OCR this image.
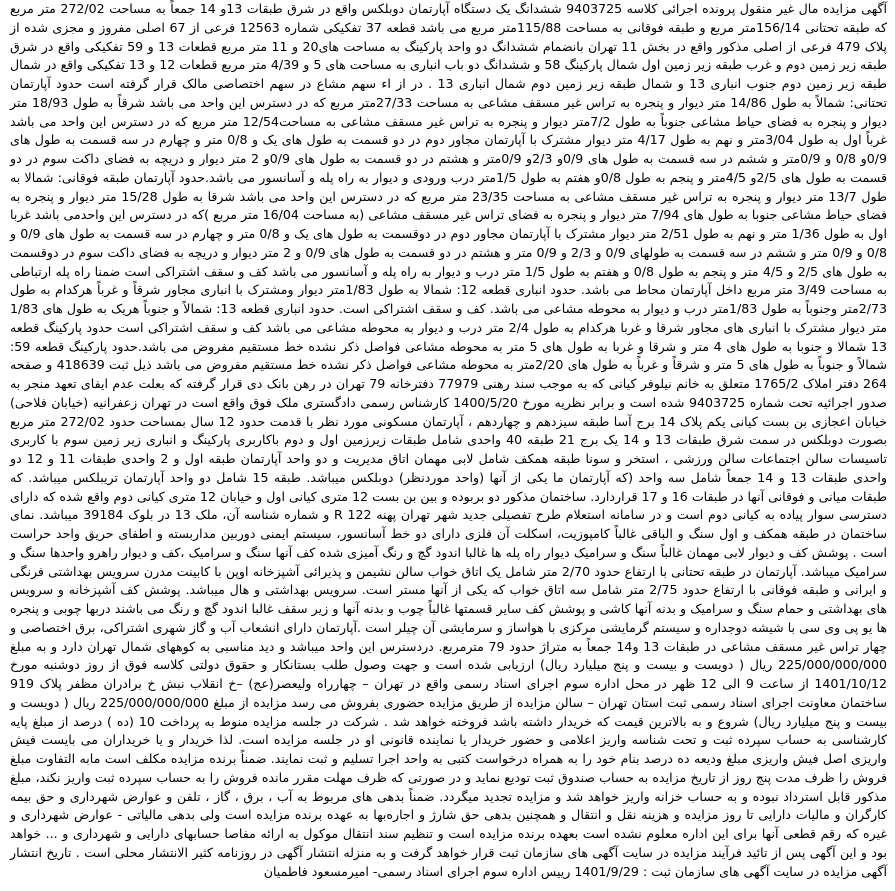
آگهی مزایده مال غیر منقول پرونده اجرائی کلاسه 9403725 ششدانگ یک دستگاه آپارتمان دوبلکس واقع در شرق طبقات 13و 14 جمعاً به مساحت 272/02 متر مربع که طبقه تحتانی 156/14متر مربع و طبقه فوقانی به مساحت 115/88متر مربع می باشد قطعه 37 تفکیکی شماره 12563 فرعی از 67 اصلی مفروز و مجزی شده از پلاک 479 فرعی از اصلی مذکور واقع در بخش 11 تهران بانضمام ششدانگ دو واحد پارکینگ به مساحت های20 و 11 متر مربع قطعات 13 و 59 تفکیکی واقع در شرق طبقه زیر زمین دوم و غرب طبقه زیر زمین اول شمال پارکینگ 58 و ششدانگ دو باب انباری به مساحت های 5 و 4/39 متر مربع قطعات 12 و 13 تفکیکی واقع در شمال طبقه زیر زمین دوم جنوب انباری 13 و شمال طبقه زیر زمین دوم شمال انباری 13 . در از اء سهم مشاع در سهم اختصاصی مالک قرار گرفته است حدود آپارتمان تحتانی: شمالاً به طول 14/86 متر دیوار و پنجره به تراس غیر مسقف مشاعی به مساحت 27/33متر مربع که در دسترس این واحد می باشد شرقاً به طول 18/93 متر دیوار و پنجره به فضای حیاط مشاعی جنوباً به طول 7/2متر دیوار و پنجره به تراس غیر مسقف مشاعی به مساحت12/54 متر مربع که در دسترس این واحد می باشد غرباً اول به طول 3/04متر و نهم به طول 4/17 متر دیوار مشترک با آپارتمان مجاور دوم در دو قسمت به طول های یک و 0/8 متر و چهارم در سه قسمت به طول های 0/9و 0/8 و 0/9متر و ششم در سه قسمت به طول های 0/9و 2/3و 0/9متر و هشتم در دو قسمت به طول های 0/9و 2 متر دیوار و دریچه به فضای داکت سوم در دو قسمت به طول های 2/5و 4/5متر و پنجم به طول 0/8و هفتم به طول 1/5متر درب ورودی و دیوار به راه پله و آسانسور می باشد.حدود آپارتمان طبقه فوقانی: شمالا به طول 13/7 متر دیوار و پنجره به تراس غیر مسقف مشاعی به مساحت 23/35 متر مربع که در دسترس این واحد می باشد شرقا به طول 15/28 متر دیوار و پنجره به فضای حیاط مشاعی جنوبا به طول های 7/94 متر دیوار و پنجره به فضای تراس غیر مسقف مشاعی (به مساحت 16/04 متر مربع )که در دسترس این واحدمی باشد غربا اول به طول 1/36 متر و نهم به طول 2/51 متر دیوار مشترک با آپارتمان مجاور دوم در دوقسمت به طول های یک و 0/8 متر و چهارم در سه قسمت به طول های 0/9 و 0/8 و 0/9 متر و ششم در سه قسمت به طولهای 0/9 و 2/3 و 0/9 متر و هشتم در دو قسمت به طول های 0/9 و 2 متر دیوار و دریچه به فضای داکت سوم در دوقسمت به طول های 2/5 و 4/5 متر و پنجم به طول 0/8 و هفتم به طول 1/5 متر درب و دیوار به راه پله و آسانسور می باشد کف و سقف اشتراکی است ضمنا راه پله ارتباطی به مساحت 3/49 متر مربع داخل آپارتمان محاط می باشد. حدود انباری قطعه 12: شمالا به طول 1/83متر دیوار ومشترک با انباری مجاور شرقاً و غرباً هرکدام به طول 2/73متر وجنوباً به طول 1/83متر درب و دیوار به محوطه مشاعی می باشد. کف و سقف اشتراکی است. حدود انباری قطعه 13: شمالاً و جنوباً هریک به طول های 1/83 متر دیوار مشترک با انباری های مجاور شرقا و غربا هرکدام به طول 2/4 متر درب و دیوار به محوطه مشاعی می باشد کف و سقف اشتراکی است حدود پارکینگ قطعه 13 شمالا و جنوبا به طول های 4 متر و شرقا و غربا به طول های 5 متر به محوطه مشاعی فواصل ذکر نشده خط مستقیم مفروض می باشد.حدود پارکینگ قطعه 59: شمالاً و جنوباً به طول های 5 متر و شرقاً و غرباً به طول های 2/20متر به محوطه مشاعی فواصل ذکر نشده خط مستقیم مفروض می باشد ذیل ثبت 418639 و صفحه 264 دفتر املاک 1765/2 متعلق به خانم نیلوفر کیانی که به موجب سند رهنی 77979 دفترخانه 79 تهران در رهن بانک دی قرار گرفته که بعلت عدم ایفای تعهد منجر به صدور اجرائیه تحت شماره 9403725 شده است و برابر نظریه مورخ 1400/5/20 کارشناس رسمی دادگستری ملک فوق واقع است در تهران زعفرانیه (خیابان فلاحی) خیابان اعجازی بن بست کیانی یکم پلاک 14 برج آسا طبقه سیزدهم و چهاردهم ، آپارتمان مسکونی مورد نظر با قدمت حدود 12 سال بمساحت حدود 272/02 متر مربع بصورت دوبلکس در سمت شرق طبقات 13 و 14 یک برج 21 طبقه 40 واحدی شامل طبقات زیرزمین اول و دوم باکاربری پارکینگ و انباری زیر زمین سوم با کاربری تاسیسات سالن اجتماعات سالن ورزشی ، استخر و سونا طبقه همکف شامل لابی مهمان اتاق مدیریت و دو واحد آپارتمان طبقه اول و 2 واحدی طبقات 11 و 12 دو واحدی طبقات 13 و 14 جمعاً شامل سه واحد (که آپارتمان ما یکی از آنها (واحد موردنظر) دوبلکس میباشد. طبقه 15 شامل دو واحد آپارتمان تریبلکس میباشد. که طبقات میانی و فوقانی آنها در طبقات 16 و 17 قراردارد. ساختمان مذکور دو بربوده و بین بن بست 12 متری کیانی اول و خیابان 12 متری کیانی دوم واقع شده که دارای دسترسی سوار پیاده به کیانی دوم است و در سامانه استعلام طرح تفصیلی جدید شهر تهران پهنه 122 R و شماره شناسه آن، ملک 13 در بلوک 39184 میباشد. نمای ساختمان در طبقه همکف و اول سنگ و الباقی غالباً کامپوزیت، اسکلت آن فلزی دارای دو خط آسانسور، سیستم ایمنی دوربین مداربسته و اطفای حریق واحد حراست است . پوشش کف و دیوار لابی مهمان غالباً سنگ و سرامیک دیوار راه پله ها غالبا اندود گچ و رنگ آمیزی شده کف آنها سنگ و سرامیک ،کف و دیوار راهرو واحدها سنگ و سرامیک میباشد. آپارتمان در طبقه تحتانی با ارتفاع حدود 2/70 متر شامل یک اتاق خواب سالن نشیمن و پذیرائی آشپزخانه اوپن با کابینت مدرن سرویس بهداشتی فرنگی و ایرانی و طبقه فوقانی با ارتفاع حدود 2/75 متر شامل سه اتاق خواب که یکی از آنها مستر است. سرویس بهداشتی و هال میباشد. پوشش کف آشپزخانه و سرویس های بهداشتی و حمام سنگ و سرامیک و بدنه آنها کاشی و پوشش کف سایر قسمتها غالباً چوب و بدنه آنها و زیر سقف غالبا اندود گچ و رنگ می باشند دربها چوبی و پنجره ها یو پی وی سی با شیشه دوجداره و سیستم گرمایشی مرکزی با هواساز و سرمایشی آن چیلر است .آپارتمان دارای انشعاب آب و گاز شهری اشتراکی، برق اختصاصی و چهار تراس غیر مسقف مشاعی در طبقات 13 و14 جمعاً به متراژ حدود 79 مترمربع. دردسترس این واحد میباشد و دید مناسبی به کوههای شمال تهران دارد و به مبلغ 225/000/000/000 ریال ( دویست و بیست و پنج میلیارد ریال) ارزیابی شده است و جهت وصول طلب بستانکار و حقوق دولتی کلاسه فوق از روز دوشنبه مورخ 1401/10/12 از ساعت 9 الی 12 ظهر در محل اداره سوم اجرای اسناد رسمی واقع در تهران – چهارراه ولیعصر(عج) –خ انقلاب نبش خ برادران مظفر پلاک 919 ساختمان معاونت اجرای اسناد رسمی ثبت استان تهران – سالن مزایده از طریق مزایده حضوری بفروش می رسد مزایده از مبلغ 225/000/000/000 ریال ( دویست و بیست و پنج میلیارد ریال) شروع و به بالاترین قیمت که خریدار داشته باشد فروخته خواهد شد . شرکت در جلسه مزایده منوط به پرداخت 10 (ده ) درصد از مبلغ پایه کارشناسی به حساب سپرده ثبت و تحت شناسه واریز اعلامی و حضور خریدار یا نماینده قانونی او در جلسه مزایده است. لذا خریدار و یا خریداران می بایست فیش واریزی اصل فیش واریزی مبلغ ودیعه ده درصد بنام خود را به همراه درخواست کتبی به واحد اجرا تسلیم و ثبت نمایند. ضمناً برنده مزایده مکلف است مابه التفاوت مبلغ فروش را ظرف مدت پنج روز از تاریخ مزایده به حساب صندوق ثبت تودیع نماید و در صورتی که ظرف مهلت مقرر مانده فروش را به حساب سپرده ثبت واریز نکند، مبلغ مذکور قابل استرداد نبوده و به حساب خزانه واریز خواهد شد و مزایده تجدید میگردد. ضمناً بدهی های مربوط به آب ، برق ، گاز ، تلفن و عوارض شهرداری و حق بیمه کارگران و مالیات دارایی تا روز مزایده و هزینه نقل و انتقال و همچنین بدهی حق شارژ و اجاره‌بها به عهده برنده مزایده است ولی بدهی مالیاتی - عوارض شهرداری و غیره که رقم قطعی آنها برای این اداره معلوم نشده است بعهده برنده مزایده است و تنظیم سند انتقال موکول به ارائه مفاصا حسابهای دارایی و شهرداری و ... خواهد بود و این آگهی پس از تائید فرآیند مزایده در سایت آگهی های سازمان ثبت قرار خواهد گرفت و به منزله انتشار آگهی در روزنامه کثیر الانتشار محلی است . تاریخ انتشار آگهی مزایده در سایت آگهی های سازمان ثبت : 1401/9/29 رییس اداره سوم اجرای اسناد رسمی- امیرمسعود فاطمیان
